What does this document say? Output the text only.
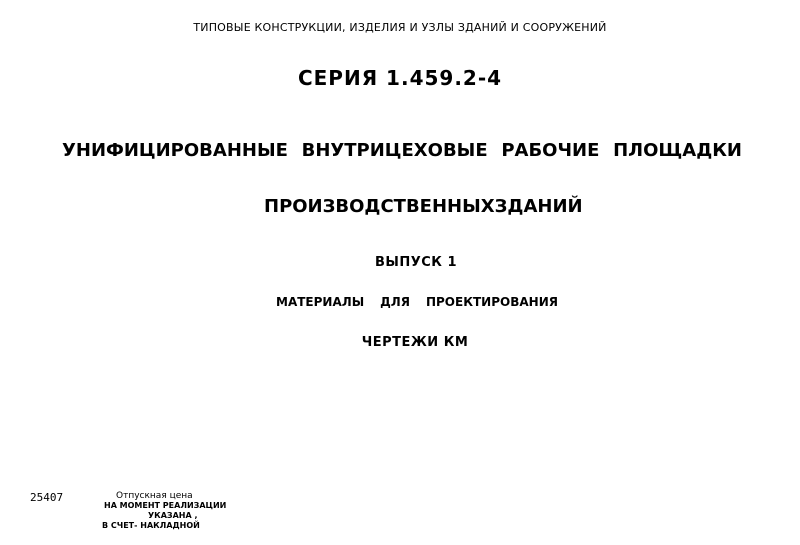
ТИПОВЫЕ КОНСТРУКЦИИ, ИЗДЕЛИЯ И УЗЛЫ ЗДАНИЙ И СООРУЖЕНИЙ
СЕРИЯ 1.459.2-4
УНИФИЦИРОВАННЫЕ ВНУТРИЦЕХОВЫЕ РАБОЧИЕ ПЛОЩАДКИ
ПРОИЗВОДСТВЕННЫХ ЗДАНИЙ
ВЫПУСК 1
МАТЕРИАЛЫ ДЛЯ ПРОЕКТИРОВАНИЯ
ЧЕРТЕЖИ КМ
25407	Отпускная цена
НА МОМЕНТ РЕАЛИЗАЦИИ
УКАЗАНА ,
В СЧЕТ- НАКЛАДНОЙ
